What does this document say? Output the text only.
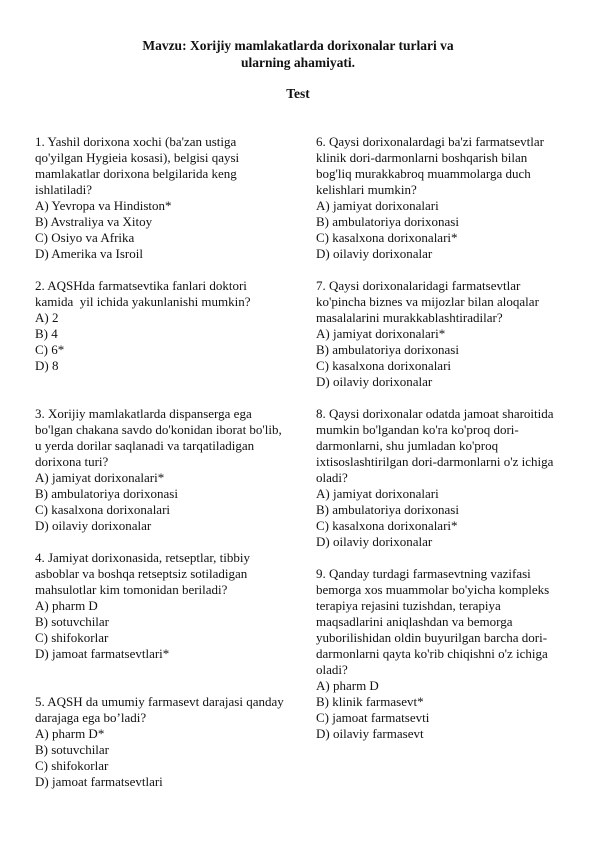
Mavzu: Xorijiy mamlakatlarda dorixonalar turlari va
ularning ahamiyati.
Test
1. Yashil dorixona xochi (ba'zan ustiga qo'yilgan Hygieia kosasi), belgisi qaysi mamlakatlar dorixona belgilarida keng ishlatiladi?
A) Yevropa va Hindiston*
B) Avstraliya va Xitoy
C) Osiyo va Afrika
D) Amerika va Isroil
2. AQSHda farmatsevtika fanlari doktori kamida  yil ichida yakunlanishi mumkin?
A) 2
B) 4
C) 6*
D) 8
3. Xorijiy mamlakatlarda dispanserga ega bo'lgan chakana savdo do'konidan iborat bo'lib, u yerda dorilar saqlanadi va tarqatiladigan dorixona turi?
A) jamiyat dorixonalari*
B) ambulatoriya dorixonasi
C) kasalxona dorixonalari
D) oilaviy dorixonalar
4. Jamiyat dorixonasida, retseptlar, tibbiy asboblar va boshqa retseptsiz sotiladigan mahsulotlar kim tomonidan beriladi?
A) pharm D
B) sotuvchilar
C) shifokorlar
D) jamoat farmatsevtlari*
5. AQSH da umumiy farmasevt darajasi qanday darajaga ega bo’ladi?
A) pharm D*
B) sotuvchilar
C) shifokorlar
D) jamoat farmatsevtlari
6. Qaysi dorixonalardagi ba'zi farmatsevtlar klinik dori-darmonlarni boshqarish bilan bog'liq murakkabroq muammolarga duch kelishlari mumkin?
A) jamiyat dorixonalari
B) ambulatoriya dorixonasi
C) kasalxona dorixonalari*
D) oilaviy dorixonalar
7. Qaysi dorixonalaridagi farmatsevtlar ko'pincha biznes va mijozlar bilan aloqalar masalalarini murakkablashtiradilar?
A) jamiyat dorixonalari*
B) ambulatoriya dorixonasi
C) kasalxona dorixonalari
D) oilaviy dorixonalar
8. Qaysi dorixonalar odatda jamoat sharoitida mumkin bo'lgandan ko'ra ko'proq dori-darmonlarni, shu jumladan ko'proq ixtisoslashtirilgan dori-darmonlarni o'z ichiga oladi?
A) jamiyat dorixonalari
B) ambulatoriya dorixonasi
C) kasalxona dorixonalari*
D) oilaviy dorixonalar
9. Qanday turdagi farmasevtning vazifasi bemorga xos muammolar bo'yicha kompleks terapiya rejasini tuzishdan, terapiya maqsadlarini aniqlashdan va bemorga yuborilishidan oldin buyurilgan barcha dori-darmonlarni qayta ko'rib chiqishni o'z ichiga oladi?
A) pharm D
B) klinik farmasevt*
C) jamoat farmatsevti
D) oilaviy farmasevt
